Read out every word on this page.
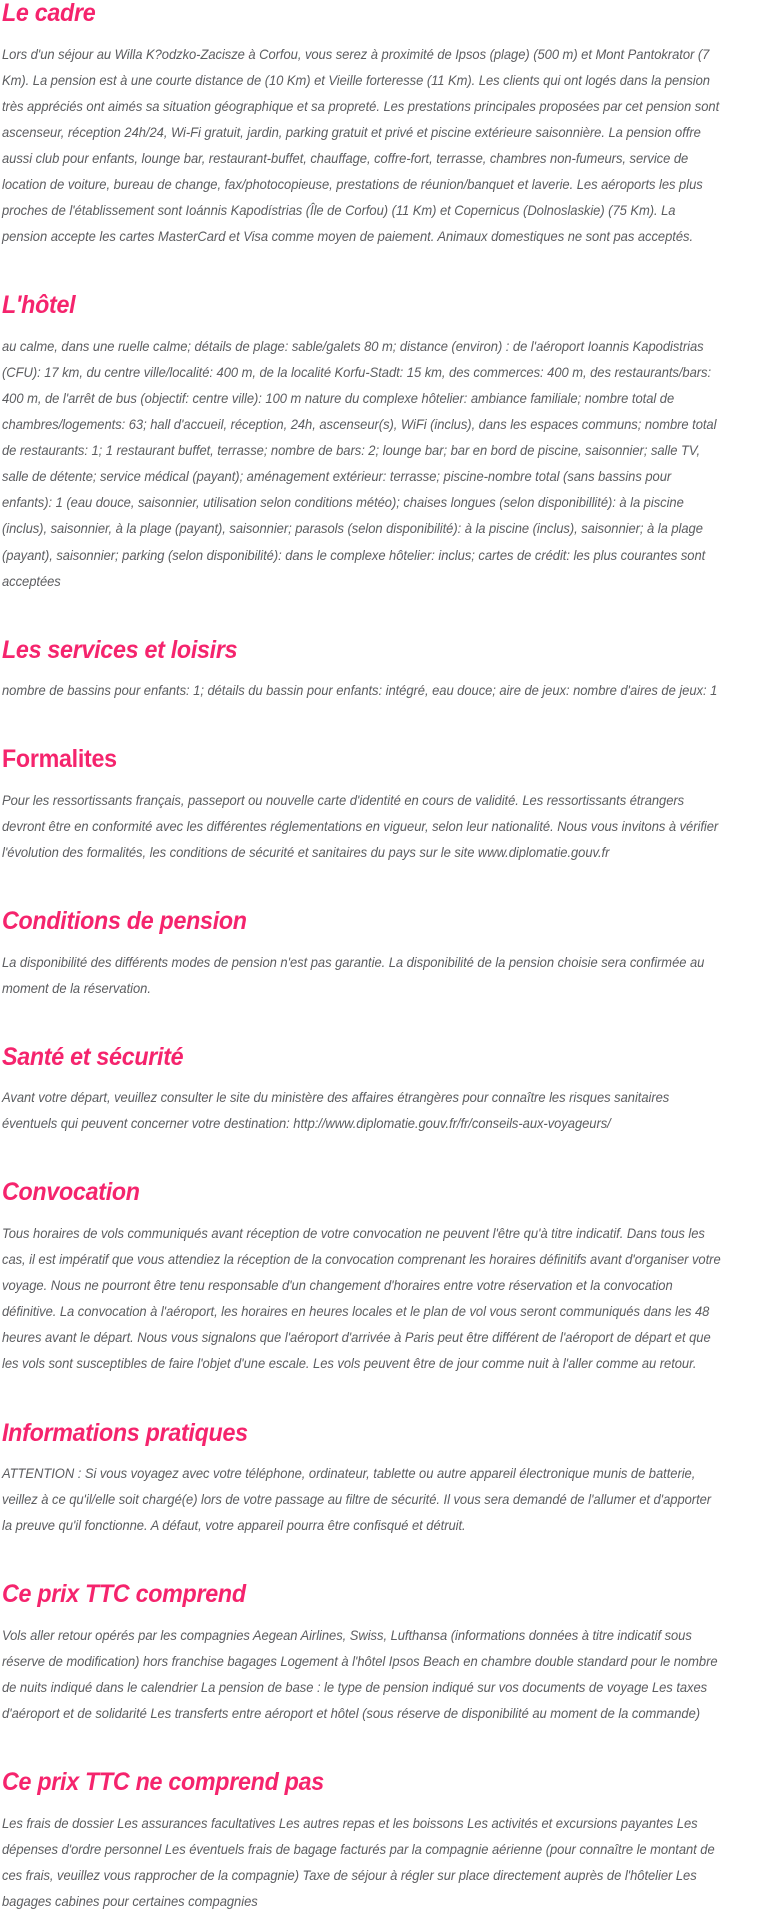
Le cadre

Lors d'un séjour au Willa K?odzko-Zacisze à Corfou, vous serez à proximité de Ipsos (plage) (500 m) et Mont Pantokrator (7 Km). La pension est à une courte distance de (10 Km) et Vieille forteresse (11 Km). Les clients qui ont logés dans la pension très appréciés ont aimés sa situation géographique et sa propreté. Les prestations principales proposées par cet pension sont ascenseur, réception 24h/24, Wi-Fi gratuit, jardin, parking gratuit et privé et piscine extérieure saisonnière. La pension offre aussi club pour enfants, lounge bar, restaurant-buffet, chauffage, coffre-fort, terrasse, chambres non-fumeurs, service de location de voiture, bureau de change, fax/photocopieuse, prestations de réunion/banquet et laverie. Les aéroports les plus proches de l'établissement sont Ioánnis Kapodístrias (Île de Corfou) (11 Km) et Copernicus (Dolnoslaskie) (75 Km). La pension accepte les cartes MasterCard et Visa comme moyen de paiement. Animaux domestiques ne sont pas acceptés.

L'hôtel

au calme, dans une ruelle calme; détails de plage: sable/galets 80 m; distance (environ) : de l'aéroport Ioannis Kapodistrias (CFU): 17 km, du centre ville/localité: 400 m, de la localité Korfu-Stadt: 15 km, des commerces: 400 m, des restaurants/bars: 400 m, de l'arrêt de bus (objectif: centre ville): 100 m nature du complexe hôtelier: ambiance familiale; nombre total de chambres/logements: 63; hall d'accueil, réception, 24h, ascenseur(s), WiFi (inclus), dans les espaces communs; nombre total de restaurants: 1; 1 restaurant buffet, terrasse; nombre de bars: 2; lounge bar; bar en bord de piscine, saisonnier; salle TV, salle de détente; service médical (payant); aménagement extérieur: terrasse; piscine-nombre total (sans bassins pour enfants): 1 (eau douce, saisonnier, utilisation selon conditions météo); chaises longues (selon disponibillité): à la piscine (inclus), saisonnier, à la plage (payant), saisonnier; parasols (selon disponibilité): à la piscine (inclus), saisonnier; à la plage (payant), saisonnier; parking (selon disponibilité): dans le complexe hôtelier: inclus; cartes de crédit: les plus courantes sont acceptées

Les services et loisirs

nombre de bassins pour enfants: 1; détails du bassin pour enfants: intégré, eau douce; aire de jeux: nombre d'aires de jeux: 1

Formalites

Pour les ressortissants français, passeport ou nouvelle carte d'identité en cours de validité. Les ressortissants étrangers devront être en conformité avec les différentes réglementations en vigueur, selon leur nationalité. Nous vous invitons à vérifier l'évolution des formalités, les conditions de sécurité et sanitaires du pays sur le site www.diplomatie.gouv.fr

Conditions de pension

La disponibilité des différents modes de pension n'est pas garantie. La disponibilité de la pension choisie sera confirmée au moment de la réservation.

Santé et sécurité

Avant votre départ, veuillez consulter le site du ministère des affaires étrangères pour connaître les risques sanitaires éventuels qui peuvent concerner votre destination: http://www.diplomatie.gouv.fr/fr/conseils-aux-voyageurs/

Convocation

Tous horaires de vols communiqués avant réception de votre convocation ne peuvent l'être qu'à titre indicatif. Dans tous les cas, il est impératif que vous attendiez la réception de la convocation comprenant les horaires définitifs avant d'organiser votre voyage. Nous ne pourront être tenu responsable d'un changement d'horaires entre votre réservation et la convocation définitive. La convocation à l'aéroport, les horaires en heures locales et le plan de vol vous seront communiqués dans les 48 heures avant le départ. Nous vous signalons que l'aéroport d'arrivée à Paris peut être différent de l'aéroport de départ et que les vols sont susceptibles de faire l'objet d'une escale. Les vols peuvent être de jour comme nuit à l'aller comme au retour.

Informations pratiques

ATTENTION : Si vous voyagez avec votre téléphone, ordinateur, tablette ou autre appareil électronique munis de batterie, veillez à ce qu'il/elle soit chargé(e) lors de votre passage au filtre de sécurité. Il vous sera demandé de l'allumer et d'apporter la preuve qu'il fonctionne. A défaut, votre appareil pourra être confisqué et détruit.

Ce prix TTC comprend

Vols aller retour opérés par les compagnies Aegean Airlines, Swiss, Lufthansa (informations données à titre indicatif sous réserve de modification) hors franchise bagages Logement à l'hôtel Ipsos Beach en chambre double standard pour le nombre de nuits indiqué dans le calendrier La pension de base : le type de pension indiqué sur vos documents de voyage Les taxes d'aéroport et de solidarité Les transferts entre aéroport et hôtel (sous réserve de disponibilité au moment de la commande)

Ce prix TTC ne comprend pas

Les frais de dossier Les assurances facultatives Les autres repas et les boissons Les activités et excursions payantes Les dépenses d'ordre personnel Les éventuels frais de bagage facturés par la compagnie aérienne (pour connaître le montant de ces frais, veuillez vous rapprocher de la compagnie) Taxe de séjour à régler sur place directement auprès de l'hôtelier Les bagages cabines pour certaines compagnies
